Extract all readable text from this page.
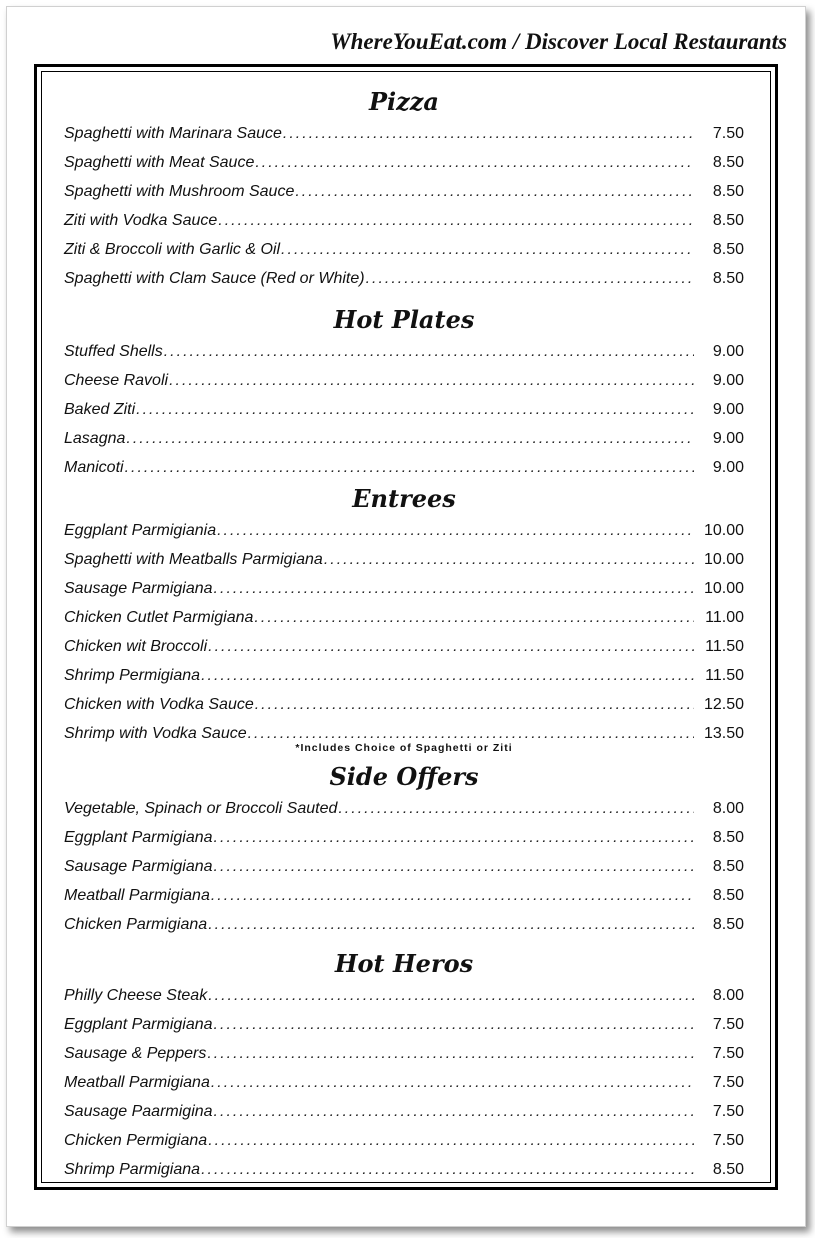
WhereYouEat.com / Discover Local Restaurants
Pizza
Spaghetti with Marinara Sauce .....	7.50
Spaghetti with Meat Sauce .....	8.50
Spaghetti with Mushroom Sauce .....	8.50
Ziti with Vodka Sauce .....	8.50
Ziti & Broccoli with Garlic & Oil .....	8.50
Spaghetti with Clam Sauce (Red or White) .....	8.50
Hot Plates
Stuffed Shells .....	9.00
Cheese Ravoli .....	9.00
Baked Ziti .....	9.00
Lasagna .....	9.00
Manicoti .....	9.00
Entrees
Eggplant Parmigiania .....	10.00
Spaghetti with Meatballs Parmigiana .....	10.00
Sausage Parmigiana .....	10.00
Chicken Cutlet Parmigiana .....	11.00
Chicken wit Broccoli .....	11.50
Shrimp Permigiana .....	11.50
Chicken with Vodka Sauce .....	12.50
Shrimp with Vodka Sauce .....	13.50
*Includes Choice of Spaghetti or Ziti
Side Offers
Vegetable, Spinach or Broccoli Sauted .....	8.00
Eggplant Parmigiana .....	8.50
Sausage Parmigiana .....	8.50
Meatball Parmigiana .....	8.50
Chicken Parmigiana .....	8.50
Hot Heros
Philly Cheese Steak .....	8.00
Eggplant Parmigiana .....	7.50
Sausage & Peppers .....	7.50
Meatball Parmigiana .....	7.50
Sausage Paarmigina .....	7.50
Chicken Permigiana .....	7.50
Shrimp Parmigiana .....	8.50
